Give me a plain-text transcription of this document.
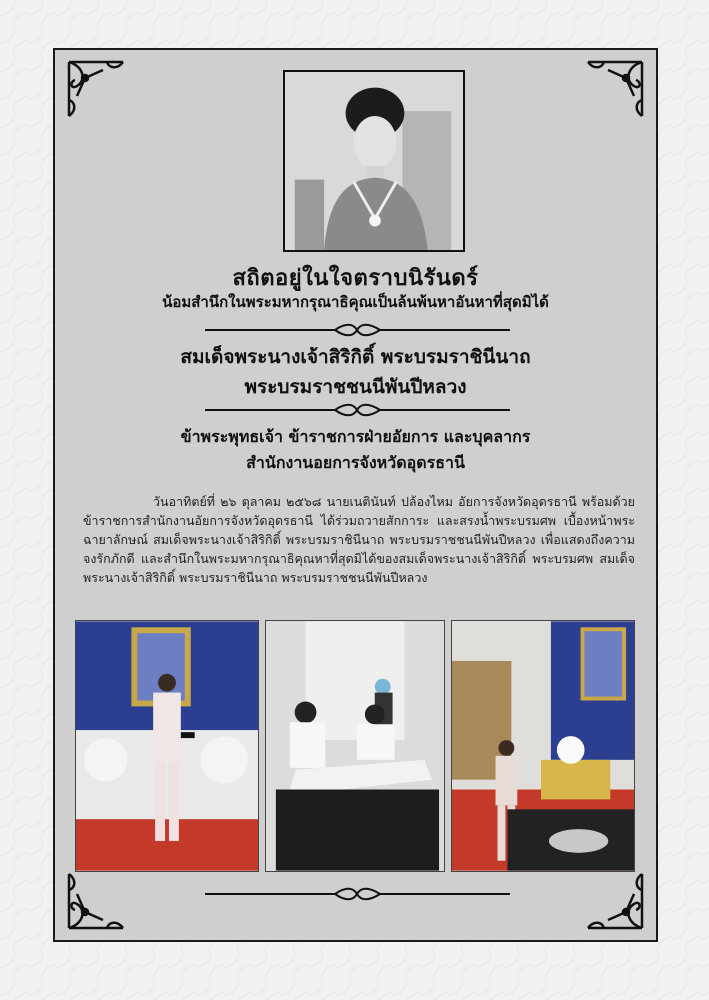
สถิตอยู่ในใจตราบนิรันดร์
น้อมสำนึกในพระมหากรุณาธิคุณเป็นล้นพ้นหาอันหาที่สุดมิได้
สมเด็จพระนางเจ้าสิริกิติ์ พระบรมราชินีนาถ
พระบรมราชชนนีพันปีหลวง
ข้าพระพุทธเจ้า ข้าราชการฝ่ายอัยการ และบุคลากร
สำนักงานอยการจังหวัดอุดรธานี

วันอาทิตย์ที่ ๒๖ ตุลาคม ๒๕๖๘ นายเนตินันท์ ปล้องไหม อัยการจังหวัดอุดรธานี พร้อมด้วยข้าราชการสำนักงานอัยการจังหวัดอุดรธานี ได้ร่วมถวายสักการะ และสรงน้ำพระบรมศพ เบื้องหน้าพระฉายาลักษณ์ สมเด็จพระนางเจ้าสิริกิติ์ พระบรมราชินีนาถ พระบรมราชชนนีพันปีหลวง เพื่อแสดงถึงความจงรักภักดี และสำนึกในพระมหากรุณาธิคุณหาที่สุดมิได้ของสมเด็จพระนางเจ้าสิริกิติ์ พระบรมศพ สมเด็จพระนางเจ้าสิริกิติ์ พระบรมราชินีนาถ พระบรมราชชนนีพันปีหลวง
